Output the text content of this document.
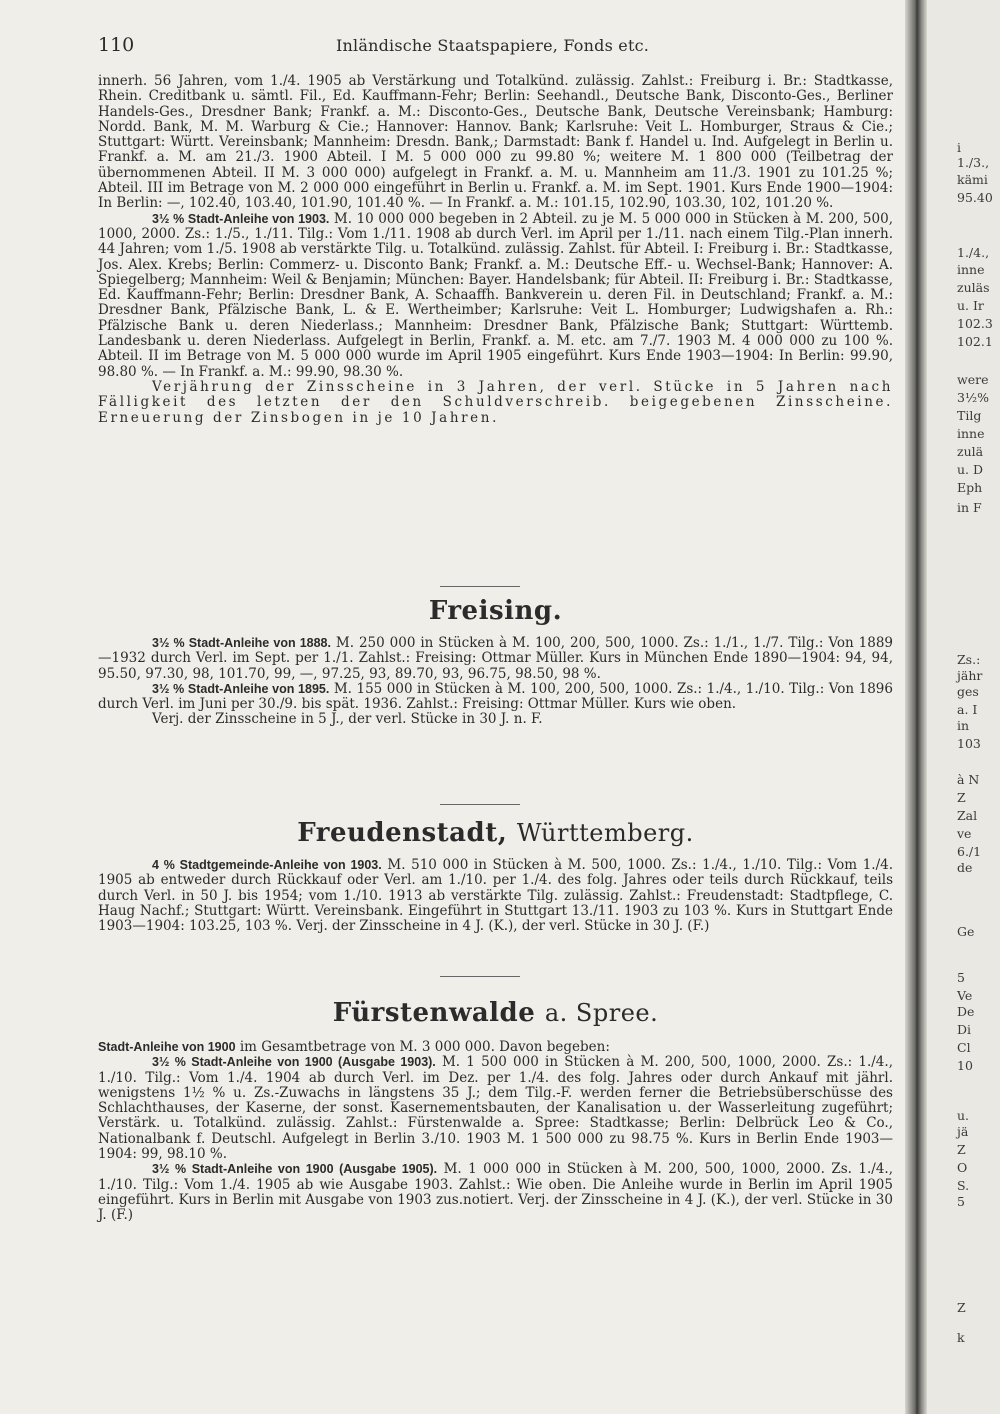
110	Inländische Staatspapiere, Fonds etc.

innerh. 56 Jahren, vom 1./4. 1905 ab Verstärkung und Totalkünd. zulässig. Zahlst.: Freiburg i. Br.: Stadtkasse, Rhein. Creditbank u. sämtl. Fil., Ed. Kauffmann-Fehr; Berlin: Seehandl., Deutsche Bank, Disconto-Ges., Berliner Handels-Ges., Dresdner Bank; Frankf. a. M.: Disconto-Ges., Deutsche Bank, Deutsche Vereinsbank; Hamburg: Nordd. Bank, M. M. Warburg & Cie.; Hannover: Hannov. Bank; Karlsruhe: Veit L. Homburger, Straus & Cie.; Stuttgart: Württ. Vereinsbank; Mannheim: Dresdn. Bank,; Darmstadt: Bank f. Handel u. Ind. Aufgelegt in Berlin u. Frankf. a. M. am 21./3. 1900 Abteil. I M. 5 000 000 zu 99.80 %; weitere M. 1 800 000 (Teilbetrag der übernommenen Abteil. II M. 3 000 000) aufgelegt in Frankf. a. M. u. Mannheim am 11./3. 1901 zu 101.25 %; Abteil. III im Betrage von M. 2 000 000 eingeführt in Berlin u. Frankf. a. M. im Sept. 1901. Kurs Ende 1900—1904: In Berlin: —, 102.40, 103.40, 101.90, 101.40 %. — In Frankf. a. M.: 101.15, 102.90, 103.30, 102, 101.20 %.

3½ % Stadt-Anleihe von 1903. M. 10 000 000 begeben in 2 Abteil. zu je M. 5 000 000 in Stücken à M. 200, 500, 1000, 2000. Zs.: 1./5., 1./11. Tilg.: Vom 1./11. 1908 ab durch Verl. im April per 1./11. nach einem Tilg.-Plan innerh. 44 Jahren; vom 1./5. 1908 ab verstärkte Tilg. u. Totalkünd. zulässig. Zahlst. für Abteil. I: Freiburg i. Br.: Stadtkasse, Jos. Alex. Krebs; Berlin: Commerz- u. Disconto Bank; Frankf. a. M.: Deutsche Eff.- u. Wechsel-Bank; Hannover: A. Spiegelberg; Mannheim: Weil & Benjamin; München: Bayer. Handelsbank; für Abteil. II: Freiburg i. Br.: Stadtkasse, Ed. Kauffmann-Fehr; Berlin: Dresdner Bank, A. Schaaffh. Bankverein u. deren Fil. in Deutschland; Frankf. a. M.: Dresdner Bank, Pfälzische Bank, L. & E. Wertheimber; Karlsruhe: Veit L. Homburger; Ludwigshafen a. Rh.: Pfälzische Bank u. deren Niederlass.; Mannheim: Dresdner Bank, Pfälzische Bank; Stuttgart: Württemb. Landesbank u. deren Niederlass. Aufgelegt in Berlin, Frankf. a. M. etc. am 7./7. 1903 M. 4 000 000 zu 100 %. Abteil. II im Betrage von M. 5 000 000 wurde im April 1905 eingeführt. Kurs Ende 1903—1904: In Berlin: 99.90, 98.80 %. — In Frankf. a. M.: 99.90, 98.30 %.

Verjährung der Zinsscheine in 3 Jahren, der verl. Stücke in 5 Jahren nach Fälligkeit des letzten der den Schuldverschreib. beigegebenen Zinsscheine. Erneuerung der Zinsbogen in je 10 Jahren.

Freising.

3½ % Stadt-Anleihe von 1888. M. 250 000 in Stücken à M. 100, 200, 500, 1000. Zs.: 1./1., 1./7. Tilg.: Von 1889—1932 durch Verl. im Sept. per 1./1. Zahlst.: Freising: Ottmar Müller. Kurs in München Ende 1890—1904: 94, 94, 95.50, 97.30, 98, 101.70, 99, —, 97.25, 93, 89.70, 93, 96.75, 98.50, 98 %.

3½ % Stadt-Anleihe von 1895. M. 155 000 in Stücken à M. 100, 200, 500, 1000. Zs.: 1./4., 1./10. Tilg.: Von 1896 durch Verl. im Juni per 30./9. bis spät. 1936. Zahlst.: Freising: Ottmar Müller. Kurs wie oben.

Verj. der Zinsscheine in 5 J., der verl. Stücke in 30 J. n. F.

Freudenstadt, Württemberg.

4 % Stadtgemeinde-Anleihe von 1903. M. 510 000 in Stücken à M. 500, 1000. Zs.: 1./4., 1./10. Tilg.: Vom 1./4. 1905 ab entweder durch Rückkauf oder Verl. am 1./10. per 1./4. des folg. Jahres oder teils durch Rückkauf, teils durch Verl. in 50 J. bis 1954; vom 1./10. 1913 ab verstärkte Tilg. zulässig. Zahlst.: Freudenstadt: Stadtpflege, C. Haug Nachf.; Stuttgart: Württ. Vereinsbank. Eingeführt in Stuttgart 13./11. 1903 zu 103 %. Kurs in Stuttgart Ende 1903—1904: 103.25, 103 %. Verj. der Zinsscheine in 4 J. (K.), der verl. Stücke in 30 J. (F.)

Fürstenwalde a. Spree.

Stadt-Anleihe von 1900 im Gesamtbetrage von M. 3 000 000. Davon begeben:

3½ % Stadt-Anleihe von 1900 (Ausgabe 1903). M. 1 500 000 in Stücken à M. 200, 500, 1000, 2000. Zs.: 1./4., 1./10. Tilg.: Vom 1./4. 1904 ab durch Verl. im Dez. per 1./4. des folg. Jahres oder durch Ankauf mit jährl. wenigstens 1½ % u. Zs.-Zuwachs in längstens 35 J.; dem Tilg.-F. werden ferner die Betriebsüberschüsse des Schlachthauses, der Kaserne, der sonst. Kasernementsbauten, der Kanalisation u. der Wasserleitung zugeführt; Verstärk. u. Totalkünd. zulässig. Zahlst.: Fürstenwalde a. Spree: Stadtkasse; Berlin: Delbrück Leo & Co., Nationalbank f. Deutschl. Aufgelegt in Berlin 3./10. 1903 M. 1 500 000 zu 98.75 %. Kurs in Berlin Ende 1903—1904: 99, 98.10 %.

3½ % Stadt-Anleihe von 1900 (Ausgabe 1905). M. 1 000 000 in Stücken à M. 200, 500, 1000, 2000. Zs. 1./4., 1./10. Tilg.: Vom 1./4. 1905 ab wie Ausgabe 1903. Zahlst.: Wie oben. Die Anleihe wurde in Berlin im April 1905 eingeführt. Kurs in Berlin mit Ausgabe von 1903 zus.notiert. Verj. der Zinsscheine in 4 J. (K.), der verl. Stücke in 30 J. (F.)

i
1./3.,
kämi
95.40
1./4.,
inne
zuläs
u. Ir
102.3
102.1
were
3½%
Tilg
inne
zulä
u. D
Eph
in F
Zs.:
jähr
ges
a. I
in
103
à N
Z
Zal
ve
6./1
de
Ge
5
Ve
De
Di
Cl
10
u.
jä
Z
O
S.
5
Z
k
